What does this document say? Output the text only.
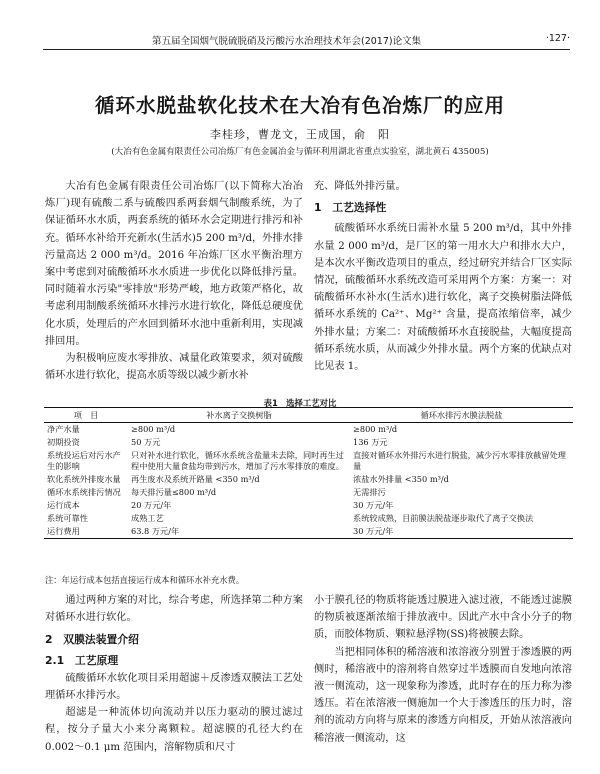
第五届全国烟气脱硫脱硝及污酸污水治理技术年会(2017)论文集	·127·
循环水脱盐软化技术在大冶有色冶炼厂的应用
李桂珍，曹龙文，王成国，俞　阳
(大冶有色金属有限责任公司冶炼厂有色金属冶金与循环利用湖北省重点实验室，湖北黄石 435005)

大冶有色金属有限责任公司冶炼厂(以下简称大冶冶炼厂)现有硫酸二系与硫酸四系两套烟气制酸系统，为了保证循环水水质，两套系统的循环水会定期进行排污和补充。循环水补给开充新水(生活水)5 200 m³/d，外排水排污量高达 2 000 m³/d。2016 年冶炼厂区水平衡治理方案中考虑到对硫酸循环水水质进一步优化以降低排污量。同时随着水污染"零排放"形势严峻，地方政策严格化，故考虑利用制酸系统循环水排污水进行软化，降低总硬度优化水质，处理后的产水回到循环水池中重新利用，实现减排回用。

为积极响应废水零排放、减量化政策要求，须对硫酸循环水进行软化，提高水质等级以减少新水补

充、降低外排污量。

1　工艺选择性

硫酸循环水系统日需补水量 5 200 m³/d，其中外排水量 2 000 m³/d，是厂区的第一用水大户和排水大户，是本次水平衡改造项目的重点，经过研究并结合厂区实际情况，硫酸循环水系统改造可采用两个方案：方案一：对硫酸循环水补水(生活水)进行软化，离子交换树脂法降低循环水系统的 Ca²⁺、Mg²⁺ 含量，提高浓缩倍率，减少外排水量；方案二：对硫酸循环水直接脱盐，大幅度提高循环系统水质，从而减少外排水量。两个方案的优缺点对比见表 1。

表1　选择工艺对比
项　目	补水离子交换树脂	循环水排污水膜法脱盐
净产水量	≥800 m³/d	≥800 m³/d
初期投资	50 万元	136 万元
系统投运后对污水产生的影响	只对补水进行软化，循环水系统含盐量未去除，同时再生过程中使用大量食盐均带到污水，增加了污水零排放的难度。	直接对循环水外排污水进行脱盐，减少污水零排放截留处理量
软化系统外排废水量	再生废水及系统开路量 <350 m³/d	浓盐水外排量 <350 m³/d
循环水系统排污情况	每天排污量≤800 m³/d	无需排污
运行成本	20 万元/年	30 万元/年
系统可靠性	成熟工艺	系统较成熟，目前膜法脱盐逐步取代了离子交换法
运行费用	63.8 万元/年	30 万元/年
注：年运行成本包括直接运行成本和循环水补充水费。

通过两种方案的对比，综合考虑，所选择第二种方案对循环水进行软化。

2　双膜法装置介绍
2.1　工艺原理

硫酸循环水软化项目采用超滤＋反渗透双膜法工艺处理循环水排污水。

超滤是一种流体切向流动并以压力驱动的膜过滤过程，按分子量大小来分离颗粒。超滤膜的孔径大约在 0.002～0.1 μm 范围内，溶解物质和尺寸

小于膜孔径的物质将能透过膜进入滤过液，不能透过滤膜的物质被逐渐浓缩于排放液中。因此产水中含小分子的物质，而胶体物质、颗粒悬浮物(SS)将被膜去除。

当把相同体积的稀溶液和浓溶液分别置于渗透膜的两侧时，稀溶液中的溶剂将自然穿过半透膜而自发地向浓溶液一侧流动，这一现象称为渗透，此时存在的压力称为渗透压。若在浓溶液一侧施加一个大于渗透压的压力时，溶剂的流动方向将与原来的渗透方向相反，开始从浓溶液向稀溶液一侧流动，这
